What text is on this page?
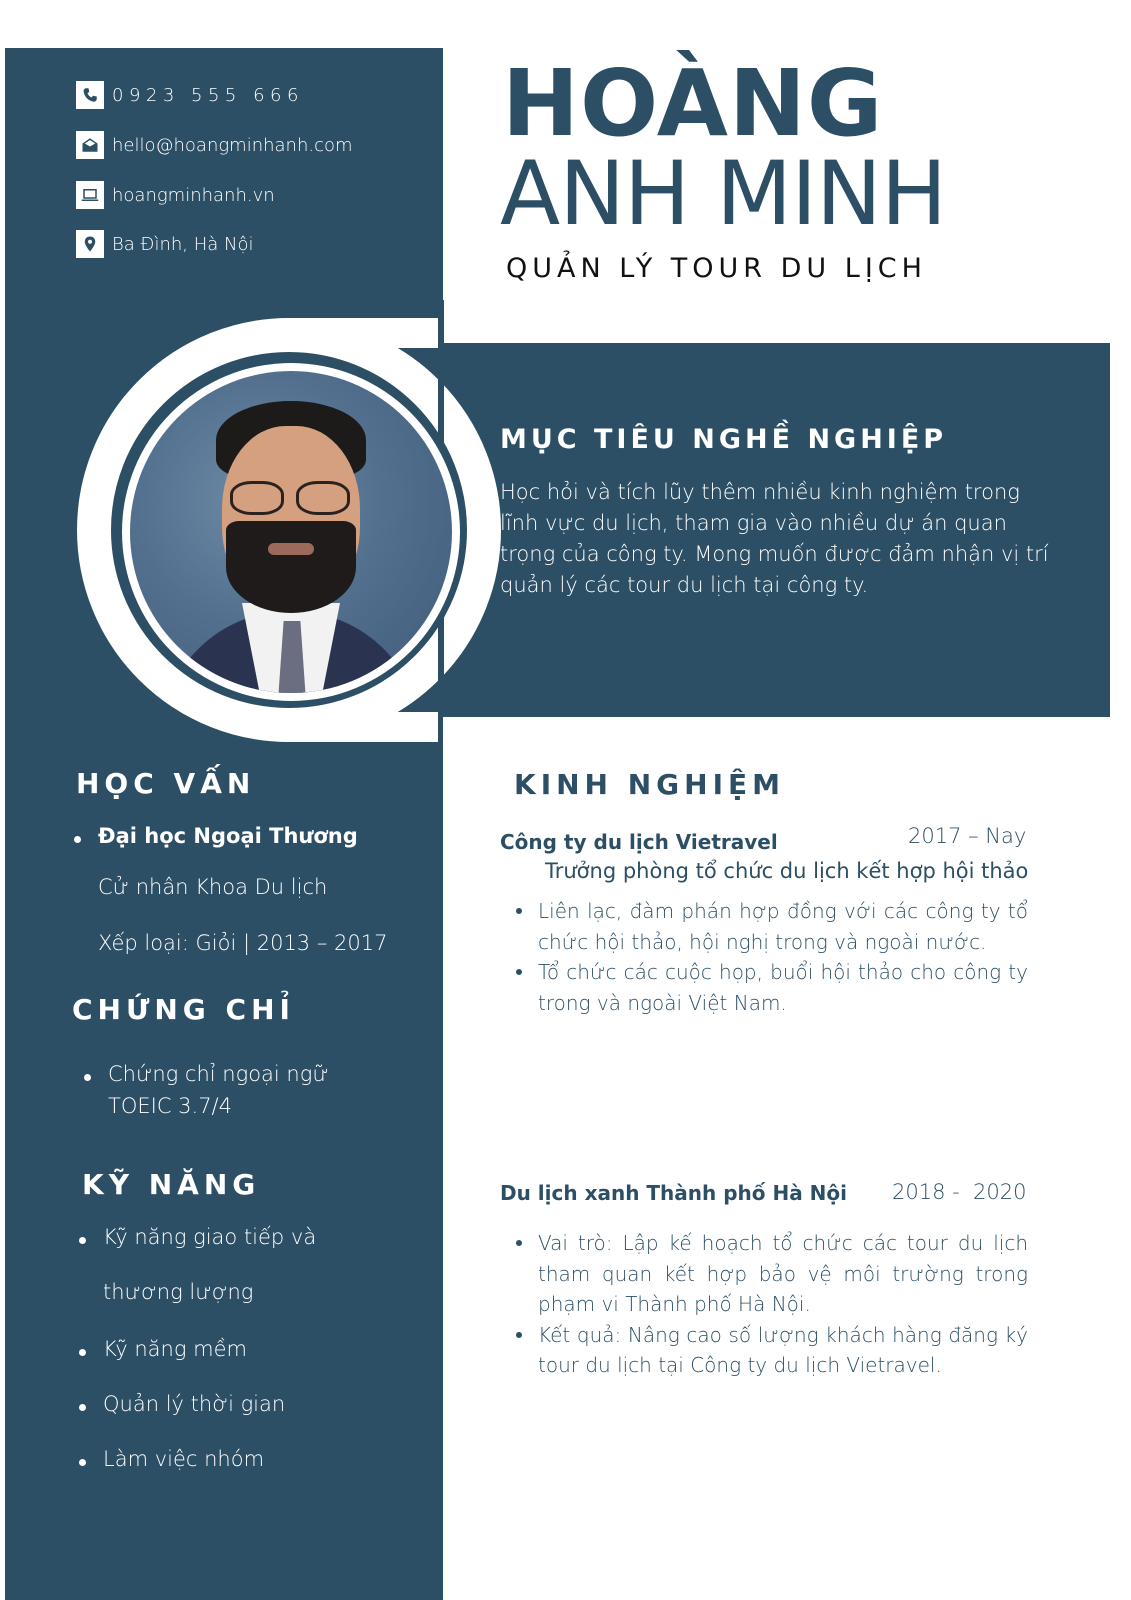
0923 555 666
hello@hoangminhanh.com
hoangminhanh.vn
Ba Đình, Hà Nội
HOÀNG
ANH MINH
QUẢN LÝ TOUR DU LỊCH
MỤC TIÊU NGHỀ NGHIỆP
Học hỏi và tích lũy thêm nhiều kinh nghiệm trong lĩnh vực du lịch, tham gia vào nhiều dự án quan trọng của công ty. Mong muốn được đảm nhận vị trí quản lý các tour du lịch tại công ty.
HỌC VẤN
Đại học Ngoại Thương
Cử nhân Khoa Du lịch
Xếp loại: Giỏi | 2013 – 2017
CHỨNG CHỈ
Chứng chỉ ngoại ngữ
TOEIC 3.7/4
KỸ NĂNG
Kỹ năng giao tiếp và
thương lượng
Kỹ năng mềm
Quản lý thời gian
Làm việc nhóm
KINH NGHIỆM
Công ty du lịch Vietravel	2017 – Nay
Trưởng phòng tổ chức du lịch kết hợp hội thảo
Liên lạc, đàm phán hợp đồng với các công ty tổ chức hội thảo, hội nghị trong và ngoài nước.
Tổ chức các cuộc họp, buổi hội thảo cho công ty trong và ngoài Việt Nam.
Du lịch xanh Thành phố Hà Nội 2018 -  2020
Vai trò: Lập kế hoạch tổ chức các tour du lịch tham quan kết hợp bảo vệ môi trường trong phạm vi Thành phố Hà Nội.
Kết quả: Nâng cao số lượng khách hàng đăng ký tour du lịch tại Công ty du lịch Vietravel.
